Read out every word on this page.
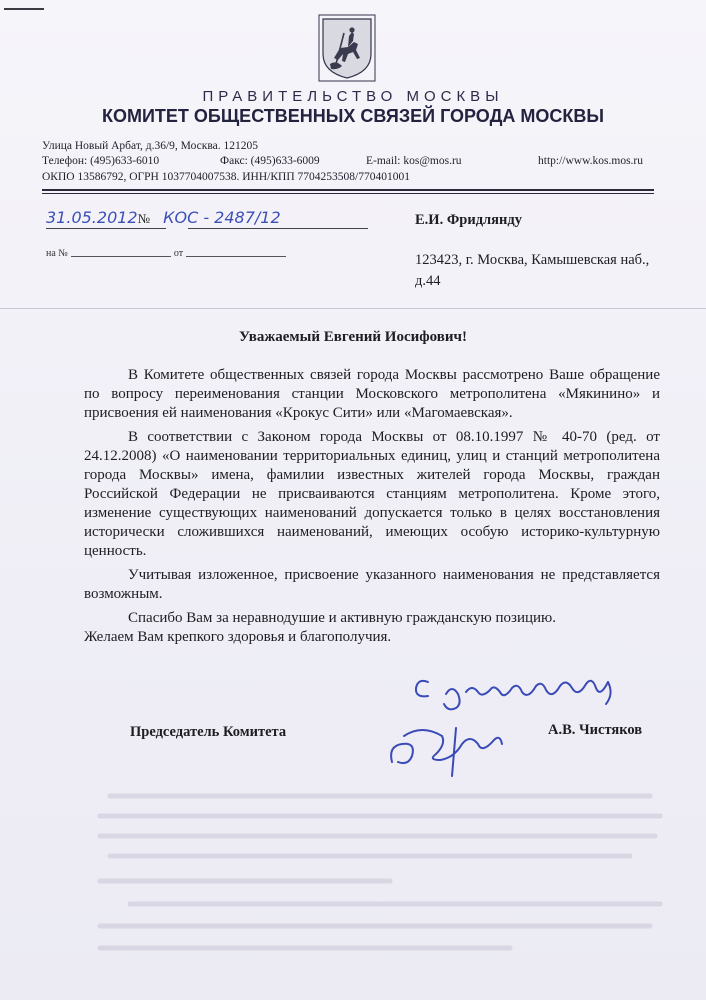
ПРАВИТЕЛЬСТВО МОСКВЫ
КОМИТЕТ ОБЩЕСТВЕННЫХ СВЯЗЕЙ ГОРОДА МОСКВЫ
Улица Новый Арбат, д.36/9, Москва. 121205
Телефон: (495)633-6010	Факс: (495)633-6009	E-mail: kos@mos.ru	http://www.kos.mos.ru
ОКПО 13586792, ОГРН 1037704007538. ИНН/КПП 7704253508/770401001
31.05.2012№ КОС - 2487/12
на №	от
Е.И. Фридлянду
123423, г. Москва, Камышевская наб., д.44
Уважаемый Евгений Иосифович!

В Комитете общественных связей города Москвы рассмотрено Ваше обращение по вопросу переименования станции Московского метрополитена «Мякинино» и присвоения ей наименования «Крокус Сити» или «Магомаевская».

В соответствии с Законом города Москвы от 08.10.1997 № 40-70 (ред. от 24.12.2008) «О наименовании территориальных единиц, улиц и станций метрополитена города Москвы» имена, фамилии известных жителей города Москвы, граждан Российской Федерации не присваиваются станциям метрополитена. Кроме этого, изменение существующих наименований допускается только в целях восстановления исторически сложившихся наименований, имеющих особую историко-культурную ценность.

Учитывая изложенное, присвоение указанного наименования не представляется возможным.

Спасибо Вам за неравнодушие и активную гражданскую позицию.

Желаем Вам крепкого здоровья и благополучия.

Председатель Комитета	А.В. Чистяков
